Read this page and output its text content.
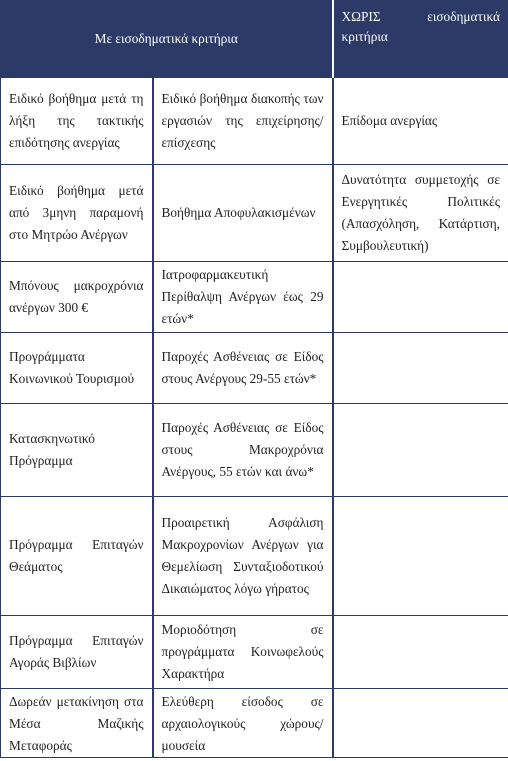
Με εισοδηματικά κριτήρια		ΧΩΡΙΣ εισοδηματικά κριτήρια
Ειδικό βοήθημα μετά τη λήξη της τακτικής επιδότησης ανεργίας	Ειδικό βοήθημα διακοπής των εργασιών της επιχείρησης/επίσχεσης	Επίδομα ανεργίας
Ειδικό βοήθημα μετά από 3μηνη παραμονή στο Μητρώο Ανέργων	Βοήθημα Αποφυλακισμένων	Δυνατότητα συμμετοχής σε Ενεργητικές Πολιτικές (Απασχόληση, Κατάρτιση, Συμβουλευτική)
Μπόνους μακροχρόνια ανέργων 300 €	Ιατροφαρμακευτική Περίθαλψη Ανέργων έως 29 ετών*	
Προγράμματα Κοινωνικού Τουρισμού	Παροχές Ασθένειας σε Είδος στους Ανέργους 29-55 ετών*	
Κατασκηνωτικό Πρόγραμμα	Παροχές Ασθένειας σε Είδος στους Μακροχρόνια Ανέργους, 55 ετών και άνω*	
Πρόγραμμα Επιταγών Θεάματος	Προαιρετική Ασφάλιση Μακροχρονίων Ανέργων για Θεμελίωση Συνταξιοδοτικού Δικαιώματος λόγω γήρατος	
Πρόγραμμα Επιταγών Αγοράς Βιβλίων	Μοριοδότηση σε προγράμματα Κοινωφελούς Χαρακτήρα	
Δωρεάν μετακίνηση στα Μέσα Μαζικής Μεταφοράς	Ελεύθερη είσοδος σε αρχαιολογικούς χώρους/ μουσεία	
